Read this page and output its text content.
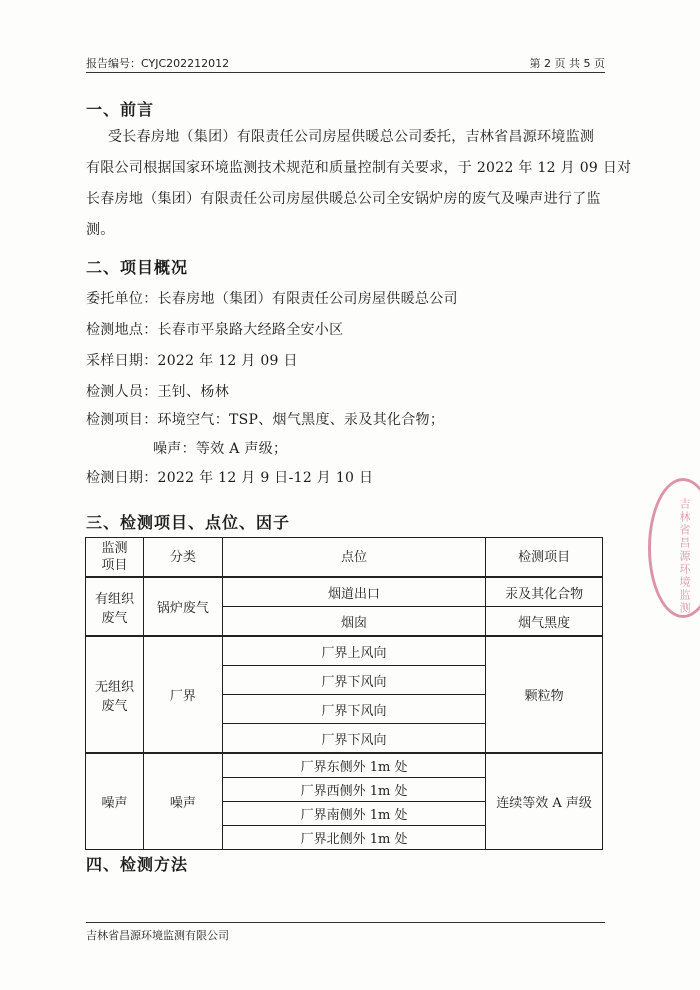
报告编号：CYJC202212012	第 2 页 共 5 页
一、前言
受长春房地（集团）有限责任公司房屋供暖总公司委托，吉林省昌源环境监测
有限公司根据国家环境监测技术规范和质量控制有关要求，于 2022 年 12 月 09 日对
长春房地（集团）有限责任公司房屋供暖总公司全安锅炉房的废气及噪声进行了监
测。
二、项目概况
委托单位：长春房地（集团）有限责任公司房屋供暖总公司
检测地点：长春市平泉路大经路全安小区
采样日期：2022 年 12 月 09 日
检测人员：王钊、杨林
检测项目：环境空气：TSP、烟气黑度、汞及其化合物；
噪声：等效 A 声级；
检测日期：2022 年 12 月 9 日-12 月 10 日
三、检测项目、点位、因子
监测项目	分类	点位	检测项目

有组织废气	锅炉废气	烟道出口	汞及其化合物
		烟囱	烟气黑度

无组织废气	厂界	厂界上风向	颗粒物
		厂界下风向	
		厂界下风向	
		厂界下风向	
噪声	噪声	厂界东侧外 1m 处	连续等效 A 声级
		厂界西侧外 1m 处	
		厂界南侧外 1m 处	
		厂界北侧外 1m 处	
四、检测方法
吉林省昌源环境监测有限公司
吉林省昌源环境监测
